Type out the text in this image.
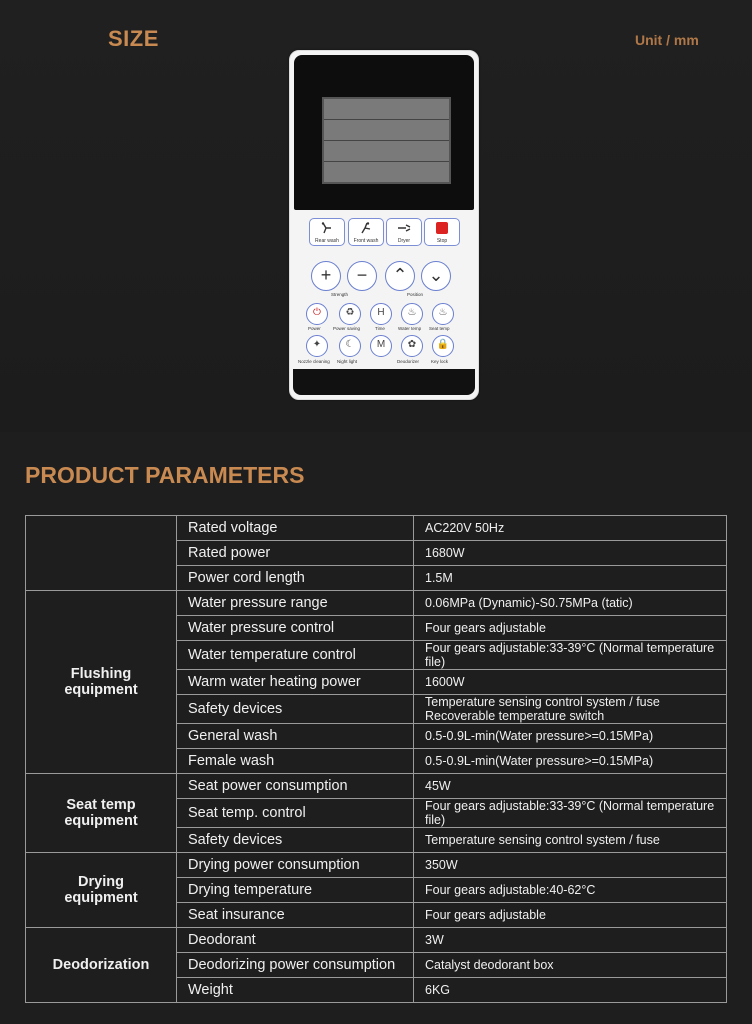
SIZE	Unit / mm
Rear wash	Front wash	Dryer	Stop
+	−	⌃	⌄
Strength	Position
⏻	♻	H	♨	♨
Power	Power saving	Time	Water temp Seat temp
✦	☾	M	✿	🔒
Nozzle cleaning Night light	Deodorizer	Key lock
PRODUCT PARAMETERS
	Rated voltage	AC220V 50Hz
	Rated power	1680W
	Power cord length	1.5M
Flushing equipment	Water pressure range	0.06MPa (Dynamic)-S0.75MPa (tatic)
	Water pressure control	Four gears adjustable
	Water temperature control	Four gears adjustable:33-39°C (Normal temperature file)
	Warm water heating power	1600W
	Safety devices	Temperature sensing control system / fuse
Recoverable temperature switch

	General wash	0.5-0.9L-min(Water pressure>=0.15MPa)
	Female wash	0.5-0.9L-min(Water pressure>=0.15MPa)
Seat temp equipment	Seat power consumption	45W
	Seat temp. control	Four gears adjustable:33-39°C (Normal temperature file)
	Safety devices	Temperature sensing control system / fuse
Drying equipment	Drying power consumption	350W
	Drying temperature	Four gears adjustable:40-62°C
	Seat insurance	Four gears adjustable
Deodorization	Deodorant	3W
	Deodorizing power consumption	Catalyst deodorant box
	Weight	6KG
